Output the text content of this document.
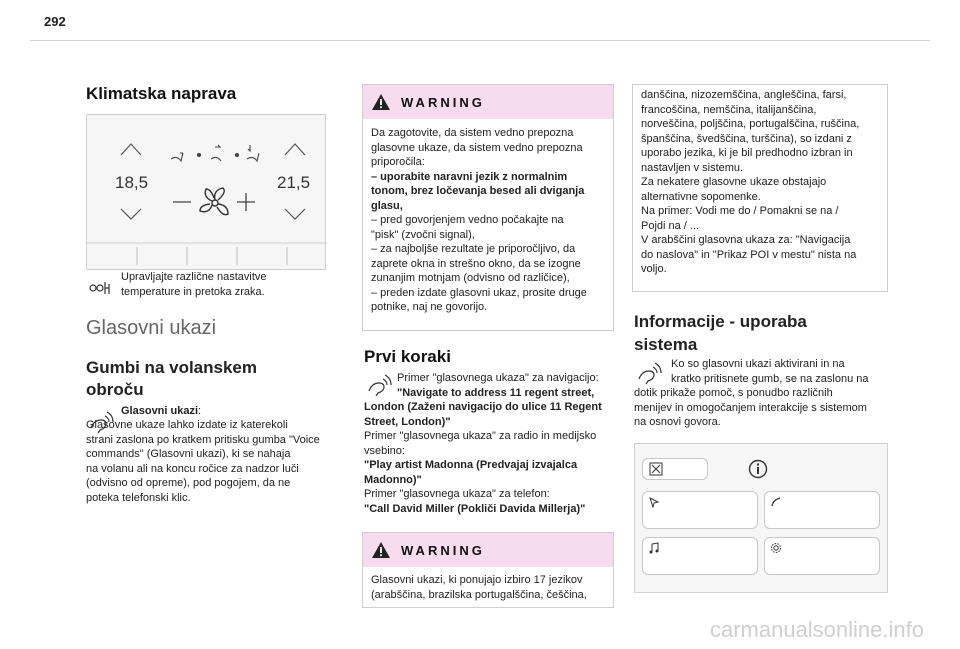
292
Klimatska naprava
18,5	21,5
Upravljajte različne nastavitve
temperature in pretoka zraka.
Glasovni ukazi
Gumbi na volanskem
obroču
Glasovni ukazi:
Glasovne ukaze lahko izdate iz katerekoli
strani zaslona po kratkem pritisku gumba "Voice
commands" (Glasovni ukazi), ki se nahaja
na volanu ali na koncu ročice za nadzor luči
(odvisno od opreme), pod pogojem, da ne
poteka telefonski klic.
WARNING
Da zagotovite, da sistem vedno prepozna
glasovne ukaze, da sistem vedno prepozna
priporočila:
– uporabite naravni jezik z normalnim
tonom, brez ločevanja besed ali dviganja
glasu,
– pred govorjenjem vedno počakajte na
"pisk" (zvočni signal),
– za najboljše rezultate je priporočljivo, da
zaprete okna in strešno okno, da se izogne
zunanjim motnjam (odvisno od različice),
– preden izdate glasovni ukaz, prosite druge
potnike, naj ne govorijo.
Prvi koraki
Primer "glasovnega ukaza" za navigacijo:
"Navigate to address 11 regent street,
London (Zaženi navigacijo do ulice 11 Regent
Street, London)"
Primer "glasovnega ukaza" za radio in medijsko
vsebino:
"Play artist Madonna (Predvajaj izvajalca
Madonno)"
Primer "glasovnega ukaza" za telefon:
"Call David Miller (Pokliči Davida Millerja)"
WARNING
Glasovni ukazi, ki ponujajo izbiro 17 jezikov
(arabščina, brazilska portugalščina, češčina,
danščina, nizozemščina, angleščina, farsi,
francoščina, nemščina, italijanščina,
norveščina, poljščina, portugalščina, ruščina,
španščina, švedščina, turščina), so izdani z
uporabo jezika, ki je bil predhodno izbran in
nastavljen v sistemu.
Za nekatere glasovne ukaze obstajajo
alternativne sopomenke.
Na primer: Vodi me do / Pomakni se na /
Pojdi na / ...
V arabščini glasovna ukaza za: "Navigacija
do naslova" in "Prikaz POI v mestu" nista na
voljo.
Informacije - uporaba
sistema
Ko so glasovni ukazi aktivirani in na
kratko pritisnete gumb, se na zaslonu na
dotik prikaže pomoč, s ponudbo različnih
menijev in omogočanjem interakcije s sistemom
na osnovi govora.
carmanualsonline.info
